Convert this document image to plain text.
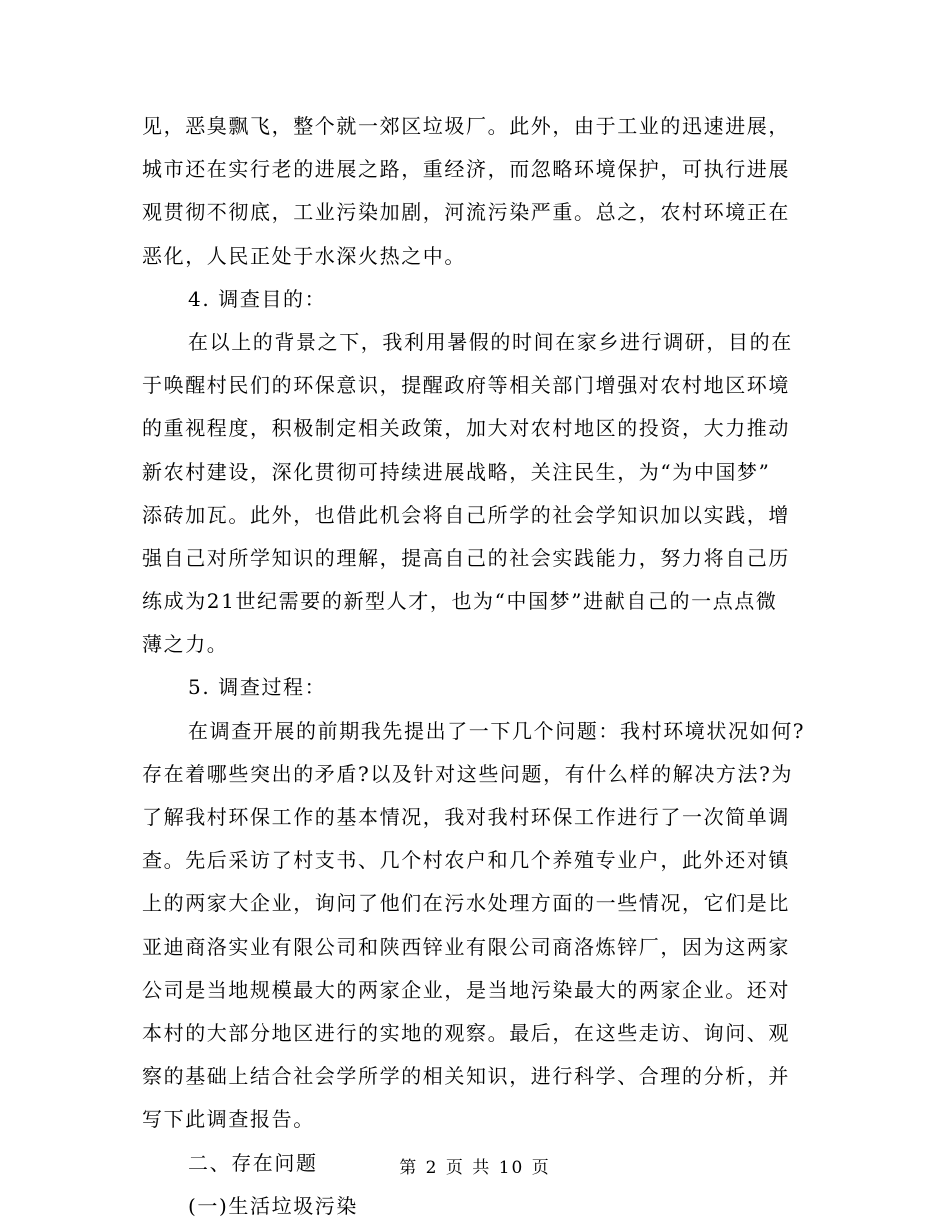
见，恶臭飘飞，整个就一郊区垃圾厂。此外，由于工业的迅速进展，
城市还在实行老的进展之路，重经济，而忽略环境保护，可执行进展
观贯彻不彻底，工业污染加剧，河流污染严重。总之，农村环境正在
恶化，人民正处于水深火热之中。
4. 调查目的：
在以上的背景之下，我利用暑假的时间在家乡进行调研，目的在
于唤醒村民们的环保意识，提醒政府等相关部门增强对农村地区环境
的重视程度，积极制定相关政策，加大对农村地区的投资，大力推动
新农村建设，深化贯彻可持续进展战略，关注民生，为“为中国梦”
添砖加瓦。此外，也借此机会将自己所学的社会学知识加以实践，增
强自己对所学知识的理解，提高自己的社会实践能力，努力将自己历
练成为21世纪需要的新型人才，也为“中国梦”进献自己的一点点微
薄之力。
5. 调查过程：
在调查开展的前期我先提出了一下几个问题：我村环境状况如何?
存在着哪些突出的矛盾?以及针对这些问题，有什么样的解决方法?为
了解我村环保工作的基本情况，我对我村环保工作进行了一次简单调
查。先后采访了村支书、几个村农户和几个养殖专业户，此外还对镇
上的两家大企业，询问了他们在污水处理方面的一些情况，它们是比
亚迪商洛实业有限公司和陕西锌业有限公司商洛炼锌厂，因为这两家
公司是当地规模最大的两家企业，是当地污染最大的两家企业。还对
本村的大部分地区进行的实地的观察。最后，在这些走访、询问、观
察的基础上结合社会学所学的相关知识，进行科学、合理的分析，并
写下此调查报告。
二、存在问题
(一)生活垃圾污染
第 2 页 共 10 页
